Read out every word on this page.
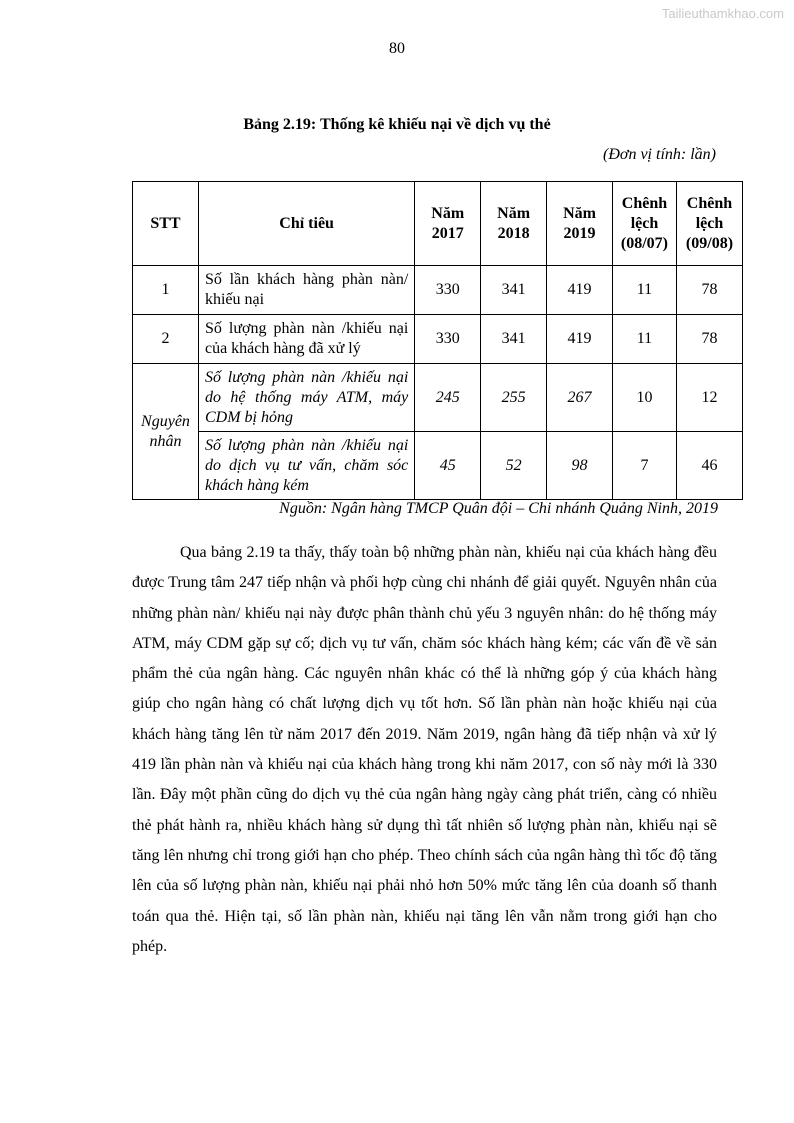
Tailieuthamkhao.com
80
Bảng 2.19: Thống kê khiếu nại về dịch vụ thẻ
(Đơn vị tính: lần)
STT	Chỉ tiêu	Năm 2017	Năm 2018	Năm 2019	Chênh lệch (08/07)	Chênh lệch (09/08)
1	Số lần khách hàng phàn nàn/ khiếu nại	330	341	419	11	78
2	Số lượng phàn nàn /khiếu nại của khách hàng đã xử lý	330	341	419	11	78
Nguyên nhân	Số lượng phàn nàn /khiếu nại do hệ thống máy ATM, máy CDM bị hỏng	245	255	267	10	12

	Số lượng phàn nàn /khiếu nại do dịch vụ tư vấn, chăm sóc khách hàng kém	45	52	98	7	46
Nguồn: Ngân hàng TMCP Quân đội – Chi nhánh Quảng Ninh, 2019

Qua bảng 2.19 ta thấy, thấy toàn bộ những phàn nàn, khiếu nại của khách hàng đều được Trung tâm 247 tiếp nhận và phối hợp cùng chi nhánh để giải quyết. Nguyên nhân của những phàn nàn/ khiếu nại này được phân thành chủ yếu 3 nguyên nhân: do hệ thống máy ATM, máy CDM gặp sự cố; dịch vụ tư vấn, chăm sóc khách hàng kém; các vấn đề về sản phẩm thẻ của ngân hàng. Các nguyên nhân khác có thể là những góp ý của khách hàng giúp cho ngân hàng có chất lượng dịch vụ tốt hơn. Số lần phàn nàn hoặc khiếu nại của khách hàng tăng lên từ năm 2017 đến 2019. Năm 2019, ngân hàng đã tiếp nhận và xử lý 419 lần phàn nàn và khiếu nại của khách hàng trong khi năm 2017, con số này mới là 330 lần. Đây một phần cũng do dịch vụ thẻ của ngân hàng ngày càng phát triển, càng có nhiều thẻ phát hành ra, nhiều khách hàng sử dụng thì tất nhiên số lượng phàn nàn, khiếu nại sẽ tăng lên nhưng chỉ trong giới hạn cho phép. Theo chính sách của ngân hàng thì tốc độ tăng lên của số lượng phàn nàn, khiếu nại phải nhỏ hơn 50% mức tăng lên của doanh số thanh toán qua thẻ. Hiện tại, số lần phàn nàn, khiếu nại tăng lên vẫn nằm trong giới hạn cho phép.
